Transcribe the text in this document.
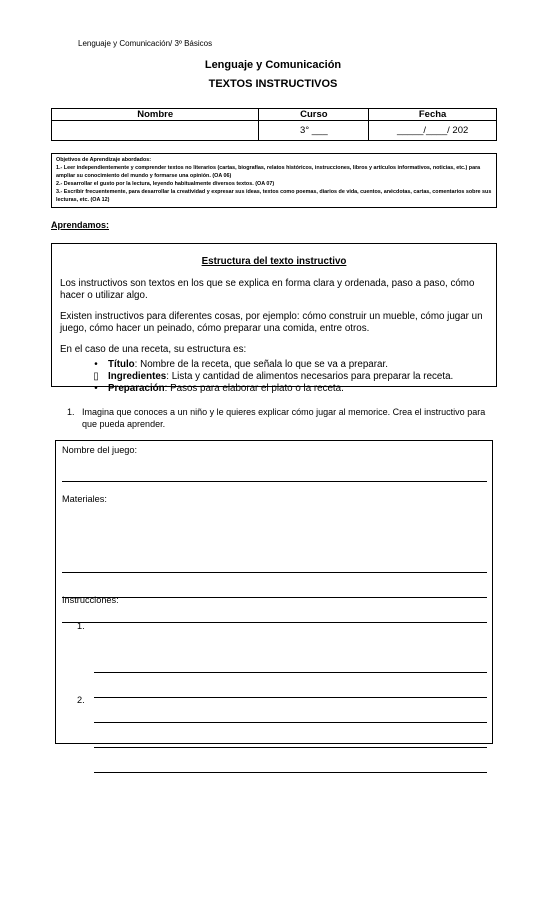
Lenguaje y Comunicación/ 3º Básicos
Lenguaje y Comunicación
TEXTOS INSTRUCTIVOS
Nombre	Curso	Fecha
	3° ___	_____/____/ 202
Objetivos de Aprendizaje abordados:
1.- Leer independientemente y comprender textos no literarios (cartas, biografías, relatos históricos, instrucciones, libros y artículos informativos, noticias, etc.) para ampliar su conocimiento del mundo y formarse una opinión. (OA 06)
2.- Desarrollar el gusto por la lectura, leyendo habitualmente diversos textos. (OA 07)
3.- Escribir frecuentemente, para desarrollar la creatividad y expresar sus ideas, textos como poemas, diarios de vida, cuentos, anécdotas, cartas, comentarios sobre sus lecturas, etc. (OA 12)
Aprendamos:
Estructura del texto instructivo

Los instructivos son textos en los que se explica en forma clara y ordenada, paso a paso, cómo hacer o utilizar algo.

Existen instructivos para diferentes cosas, por ejemplo: cómo construir un mueble, cómo jugar un juego, cómo hacer un peinado, cómo preparar una comida, entre otros.

En el caso de una receta, su estructura es:

•	Título: Nombre de la receta, que señala lo que se va a preparar.
▯ Ingredientes: Lista y cantidad de alimentos necesarios para preparar la receta.
•	Preparación: Pasos para elaborar el plato o la receta.
1. Imagina que conoces a un niño y le quieres explicar cómo jugar al memorice. Crea el instructivo para que pueda aprender.
Nombre del juego:
Materiales:
Instrucciones:
1.
2.
